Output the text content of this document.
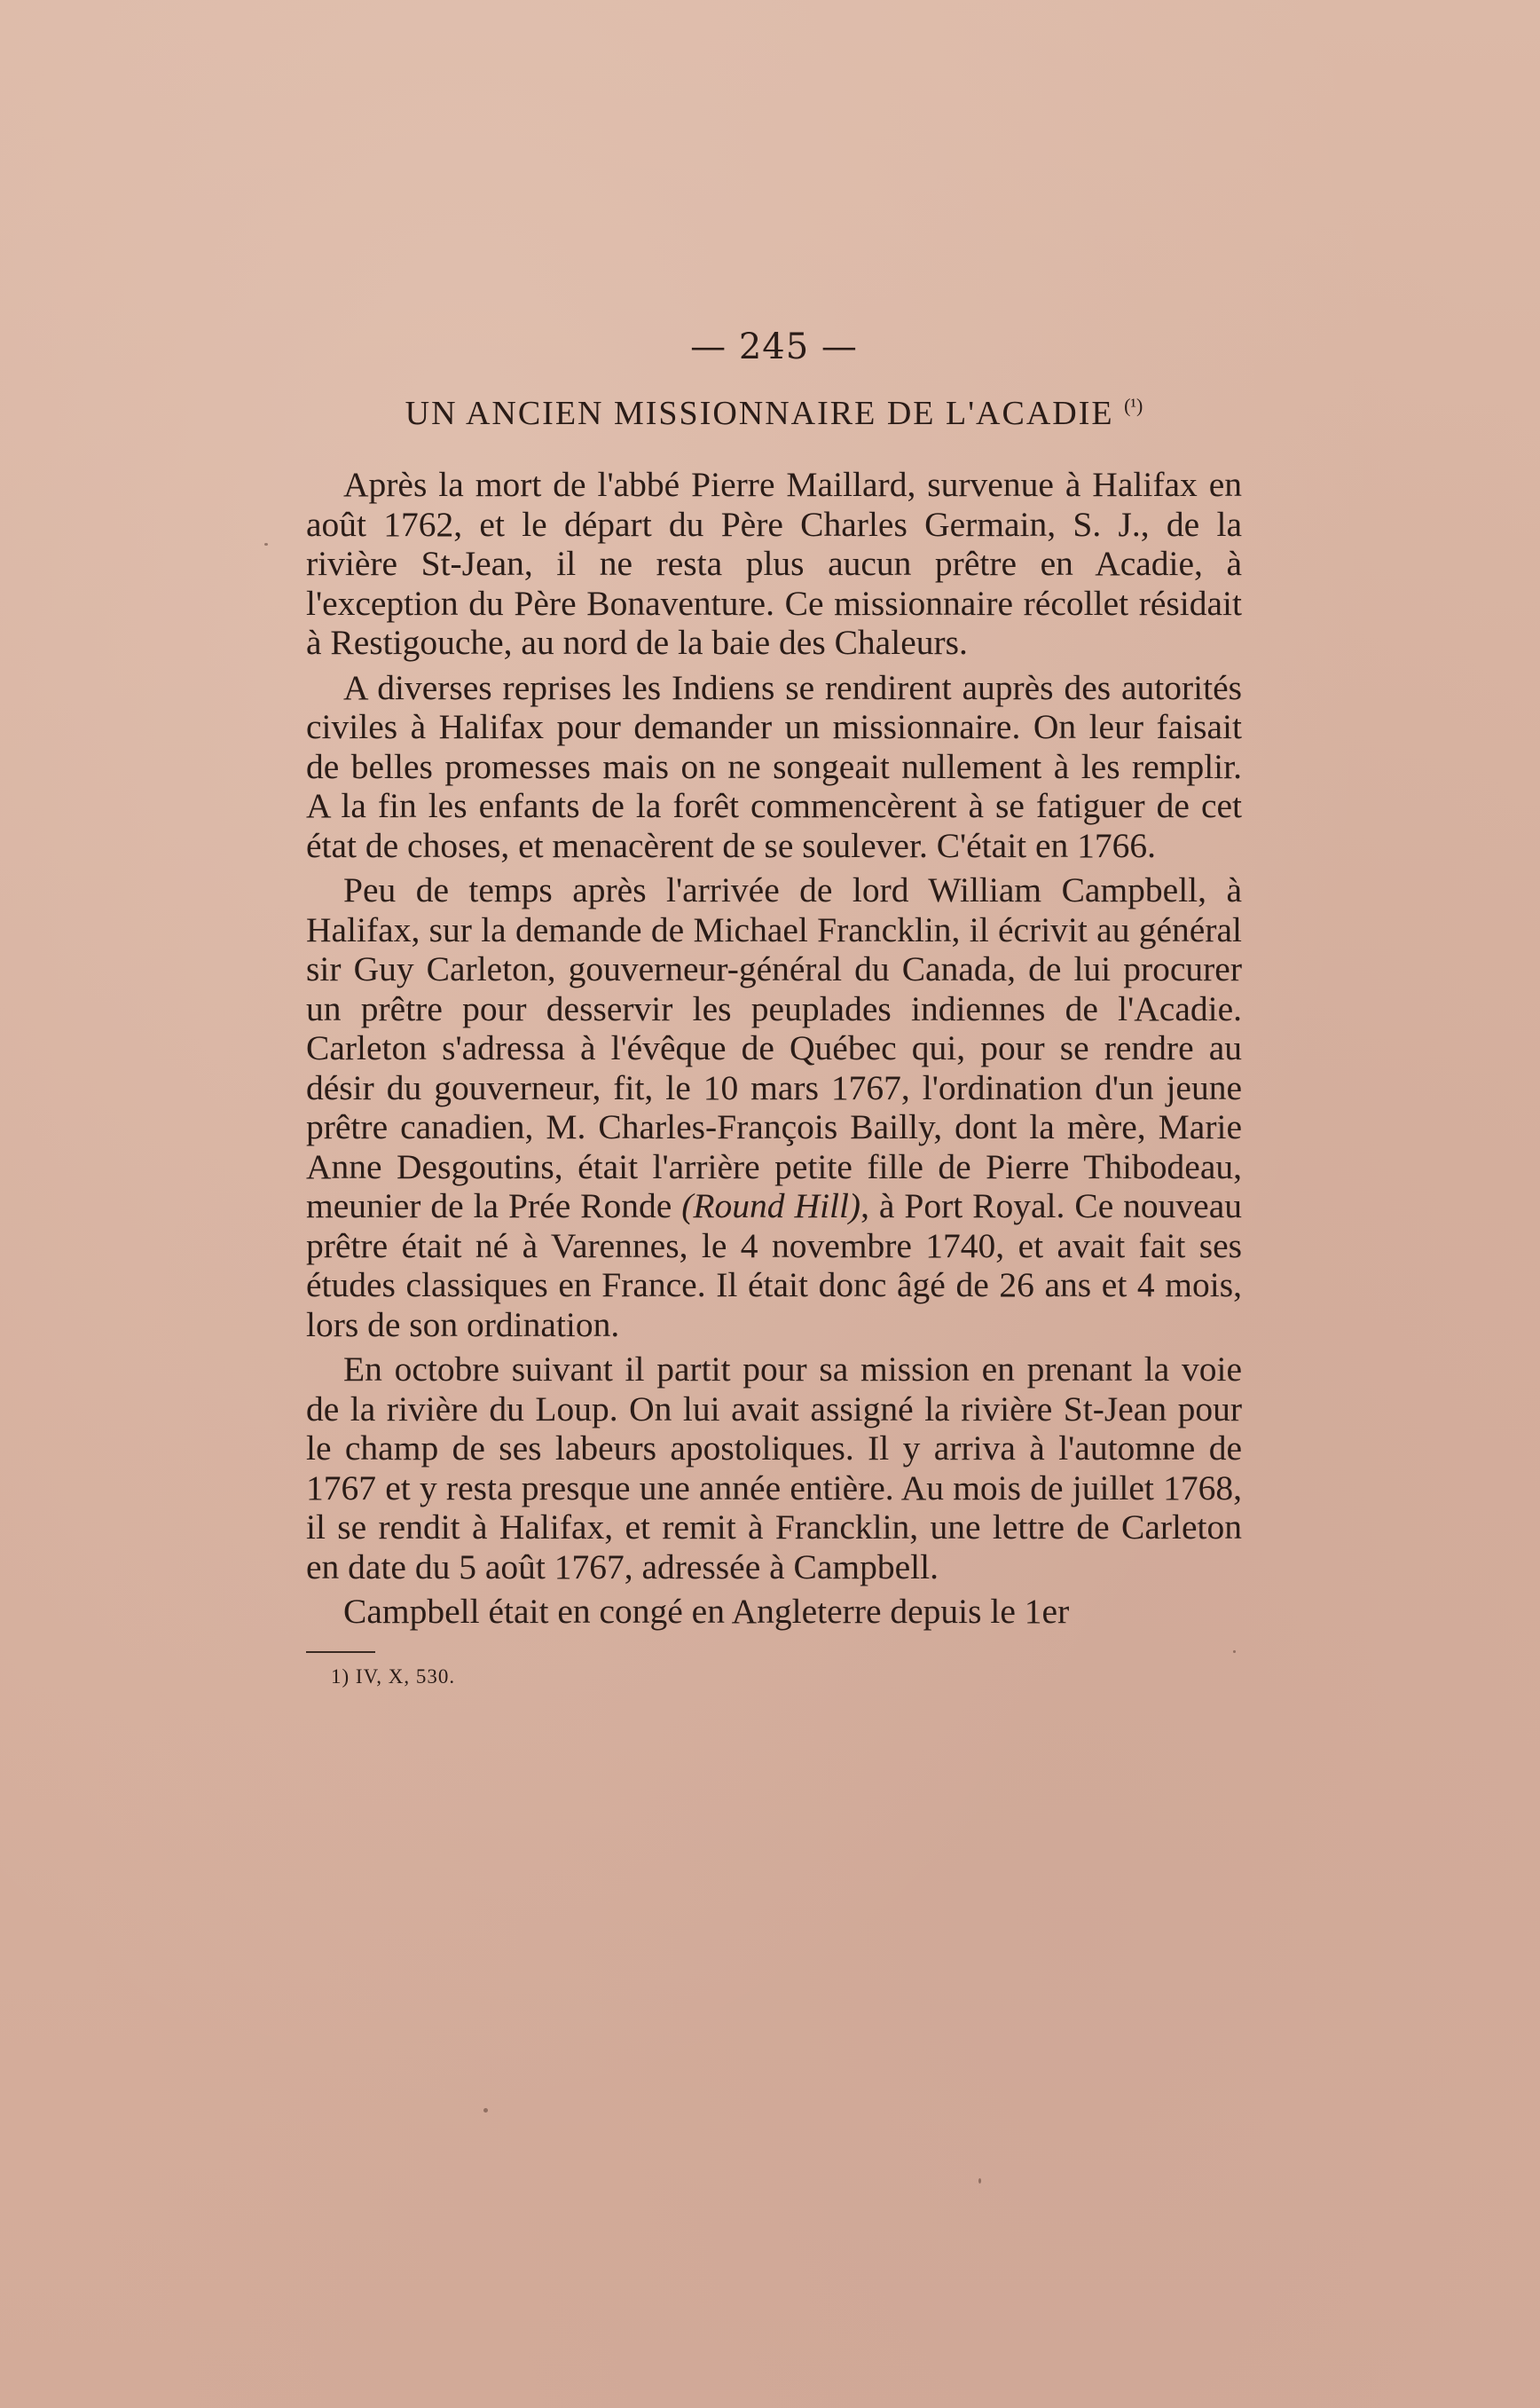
— 245 —
UN ANCIEN MISSIONNAIRE DE L'ACADIE $^{(^1)}$

Après la mort de l'abbé Pierre Maillard, survenue à Halifax en août 1762, et le départ du Père Charles Germain, S. J., de la rivière St-Jean, il ne resta plus aucun prêtre en Acadie, à l'exception du Père Bonaventure. Ce missionnaire récollet résidait à Restigouche, au nord de la baie des Chaleurs.

A diverses reprises les Indiens se rendirent auprès des autorités civiles à Halifax pour demander un missionnaire. On leur faisait de belles promesses mais on ne songeait nullement à les remplir. A la fin les enfants de la forêt commencèrent à se fatiguer de cet état de choses, et menacèrent de se soulever. C'était en 1766.

Peu de temps après l'arrivée de lord William Campbell, à Halifax, sur la demande de Michael Francklin, il écrivit au général sir Guy Carleton, gouverneur-général du Canada, de lui procurer un prêtre pour desservir les peuplades indiennes de l'Acadie. Carleton s'adressa à l'évêque de Québec qui, pour se rendre au désir du gouverneur, fit, le 10 mars 1767, l'ordination d'un jeune prêtre canadien, M. Charles-François Bailly, dont la mère, Marie Anne Desgoutins, était l'arrière petite fille de Pierre Thibodeau, meunier de la Prée Ronde (Round Hill), à Port Royal. Ce nouveau prêtre était né à Varennes, le 4 novembre 1740, et avait fait ses études classiques en France. Il était donc âgé de 26 ans et 4 mois, lors de son ordination.

En octobre suivant il partit pour sa mission en prenant la voie de la rivière du Loup. On lui avait assigné la rivière St-Jean pour le champ de ses labeurs apostoliques. Il y arriva à l'automne de 1767 et y resta presque une année entière. Au mois de juillet 1768, il se rendit à Halifax, et remit à Francklin, une lettre de Carleton en date du 5 août 1767, adressée à Campbell.

Campbell était en congé en Angleterre depuis le 1er

1) IV, X, 530.
